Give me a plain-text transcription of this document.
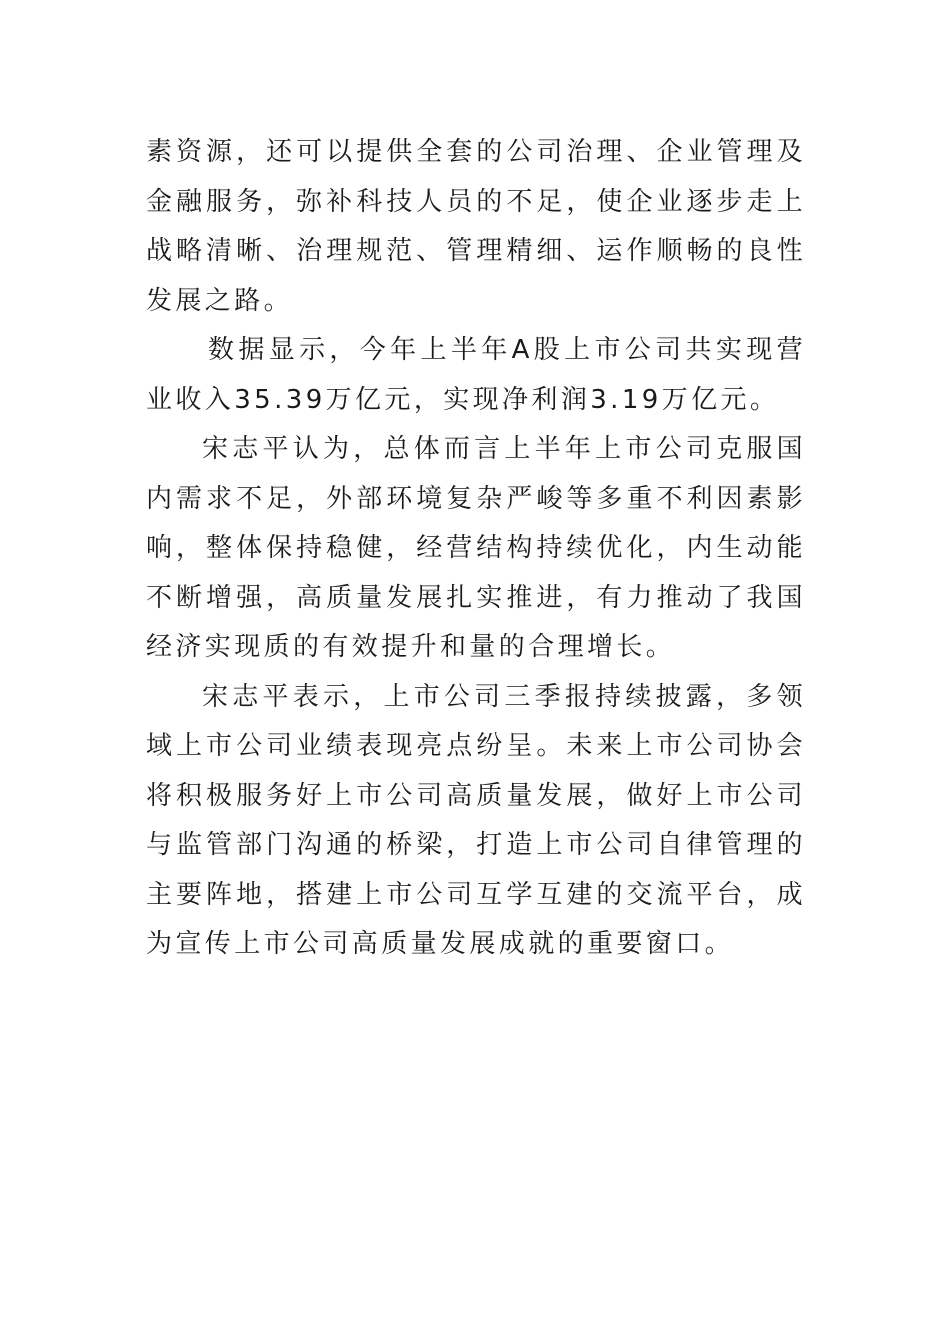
素资源，还可以提供全套的公司治理、企业管理及金融服务，弥补科技人员的不足，使企业逐步走上战略清晰、治理规范、管理精细、运作顺畅的良性发展之路。

数据显示，今年上半年A股上市公司共实现营业收入35.39万亿元，实现净利润3.19万亿元。

宋志平认为，总体而言上半年上市公司克服国内需求不足，外部环境复杂严峻等多重不利因素影响，整体保持稳健，经营结构持续优化，内生动能不断增强，高质量发展扎实推进，有力推动了我国经济实现质的有效提升和量的合理增长。

宋志平表示，上市公司三季报持续披露，多领域上市公司业绩表现亮点纷呈。未来上市公司协会将积极服务好上市公司高质量发展，做好上市公司与监管部门沟通的桥梁，打造上市公司自律管理的主要阵地，搭建上市公司互学互建的交流平台，成为宣传上市公司高质量发展成就的重要窗口。
